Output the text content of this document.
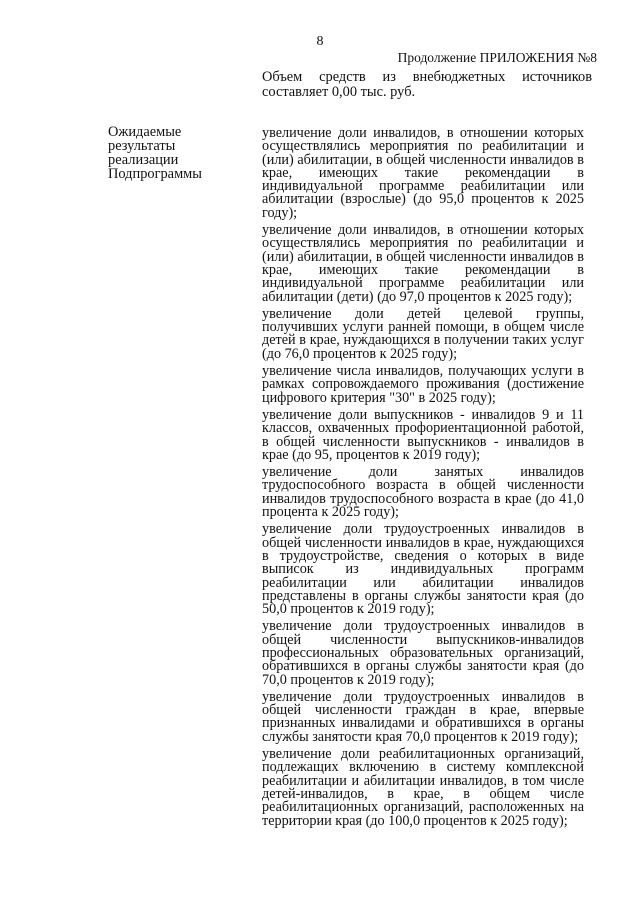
8
Продолжение ПРИЛОЖЕНИЯ №8
Объем средств из внебюджетных источников составляет 0,00 тыс. руб.
Ожидаемые результаты реализации Подпрограммы
увеличение доли инвалидов, в отношении которых осуществлялись мероприятия по реабилитации и (или) абилитации, в общей численности инвалидов в крае, имеющих такие рекомендации в индивидуальной программе реабилитации или абилитации (взрослые) (до 95,0 процентов к 2025 году);
увеличение доли инвалидов, в отношении которых осуществлялись мероприятия по реабилитации и (или) абилитации, в общей численности инвалидов в крае, имеющих такие рекомендации в индивидуальной программе реабилитации или абилитации (дети) (до 97,0 процентов к 2025 году);
увеличение доли детей целевой группы, получивших услуги ранней помощи, в общем числе детей в крае, нуждающихся в получении таких услуг (до 76,0 процентов к 2025 году);
увеличение числа инвалидов, получающих услуги в рамках сопровождаемого проживания (достижение цифрового критерия "30" в 2025 году);
увеличение доли выпускников - инвалидов 9 и 11 классов, охваченных профориентационной работой, в общей численности выпускников - инвалидов в крае (до 95, процентов к 2019 году);
увеличение доли занятых инвалидов трудоспособного возраста в общей численности инвалидов трудоспособного возраста в крае (до 41,0 процента к 2025 году);
увеличение доли трудоустроенных инвалидов в общей численности инвалидов в крае, нуждающихся в трудоустройстве, сведения о которых в виде выписок из индивидуальных программ реабилитации или абилитации инвалидов представлены в органы службы занятости края (до 50,0 процентов к 2019 году);
увеличение доли трудоустроенных инвалидов в общей численности выпускников-инвалидов профессиональных образовательных организаций, обратившихся в органы службы занятости края (до 70,0 процентов к 2019 году);
увеличение доли трудоустроенных инвалидов в общей численности граждан в крае, впервые признанных инвалидами и обратившихся в органы службы занятости края 70,0 процентов к 2019 году);
увеличение доли реабилитационных организаций, подлежащих включению в систему комплексной реабилитации и абилитации инвалидов, в том числе детей-инвалидов, в крае, в общем числе реабилитационных организаций, расположенных на территории края (до 100,0 процентов к 2025 году);
